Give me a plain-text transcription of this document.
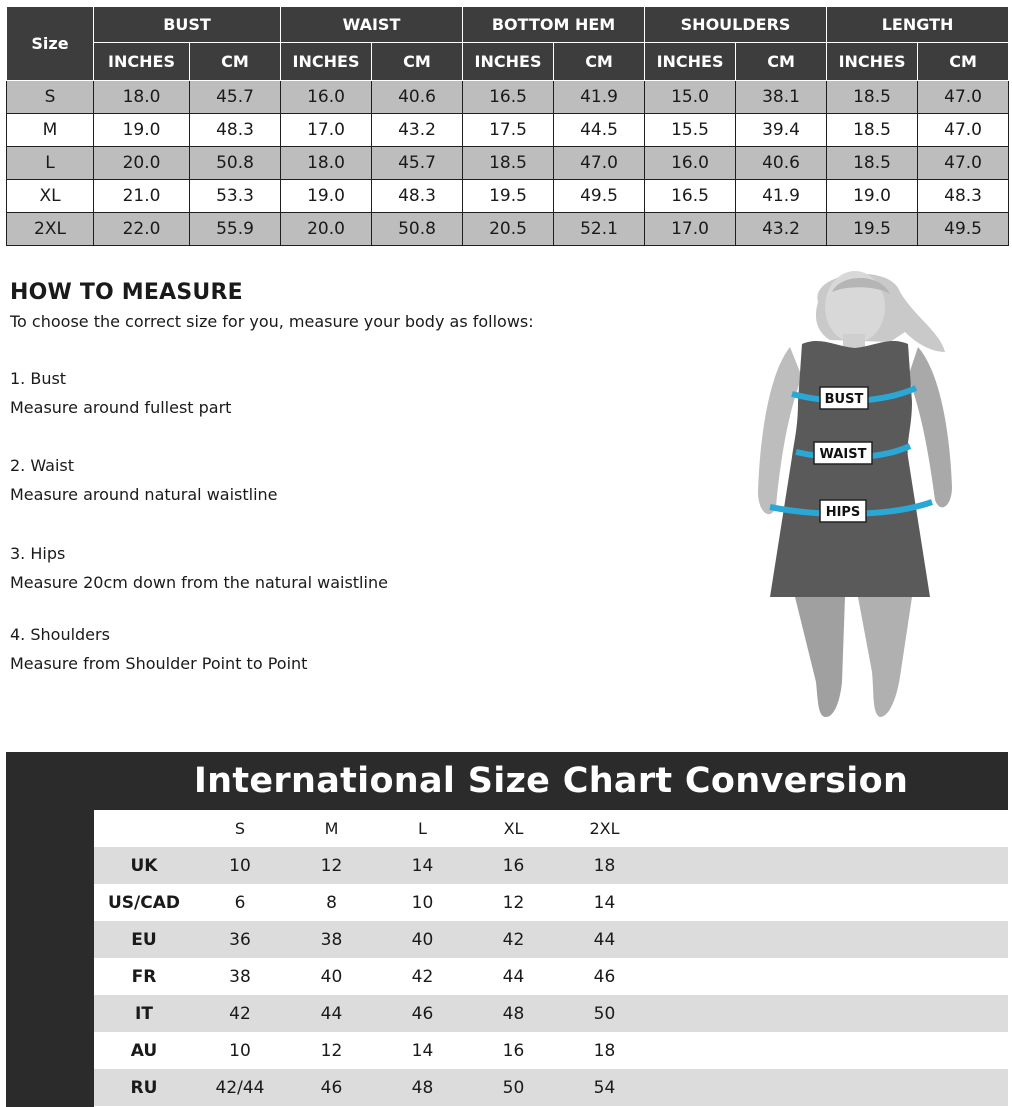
Size	BUST		WAIST		BOTTOM HEM		SHOULDERS		LENGTH	
	INCHES	CM	INCHES	CM	INCHES	CM	INCHES	CM	INCHES	CM
S	18.0	45.7	16.0	40.6	16.5	41.9	15.0	38.1	18.5	47.0
M	19.0	48.3	17.0	43.2	17.5	44.5	15.5	39.4	18.5	47.0
L	20.0	50.8	18.0	45.7	18.5	47.0	16.0	40.6	18.5	47.0
XL	21.0	53.3	19.0	48.3	19.5	49.5	16.5	41.9	19.0	48.3
2XL	22.0	55.9	20.0	50.8	20.5	52.1	17.0	43.2	19.5	49.5
HOW TO MEASURE

To choose the correct size for you, measure your body as follows:

1. Bust

Measure around fullest part

2. Waist

Measure around natural waistline

3. Hips

Measure 20cm down from the natural waistline

4. Shoulders

Measure from Shoulder Point to Point

BUST
WAIST
HIPS
International Size Chart Conversion
	S	M	L	XL	2XL	
UK	10	12	14	16	18	
US/CAD	6	8	10	12	14	
EU	36	38	40	42	44	
FR	38	40	42	44	46	
IT	42	44	46	48	50	
AU	10	12	14	16	18	
RU	42/44	46	48	50	54	
